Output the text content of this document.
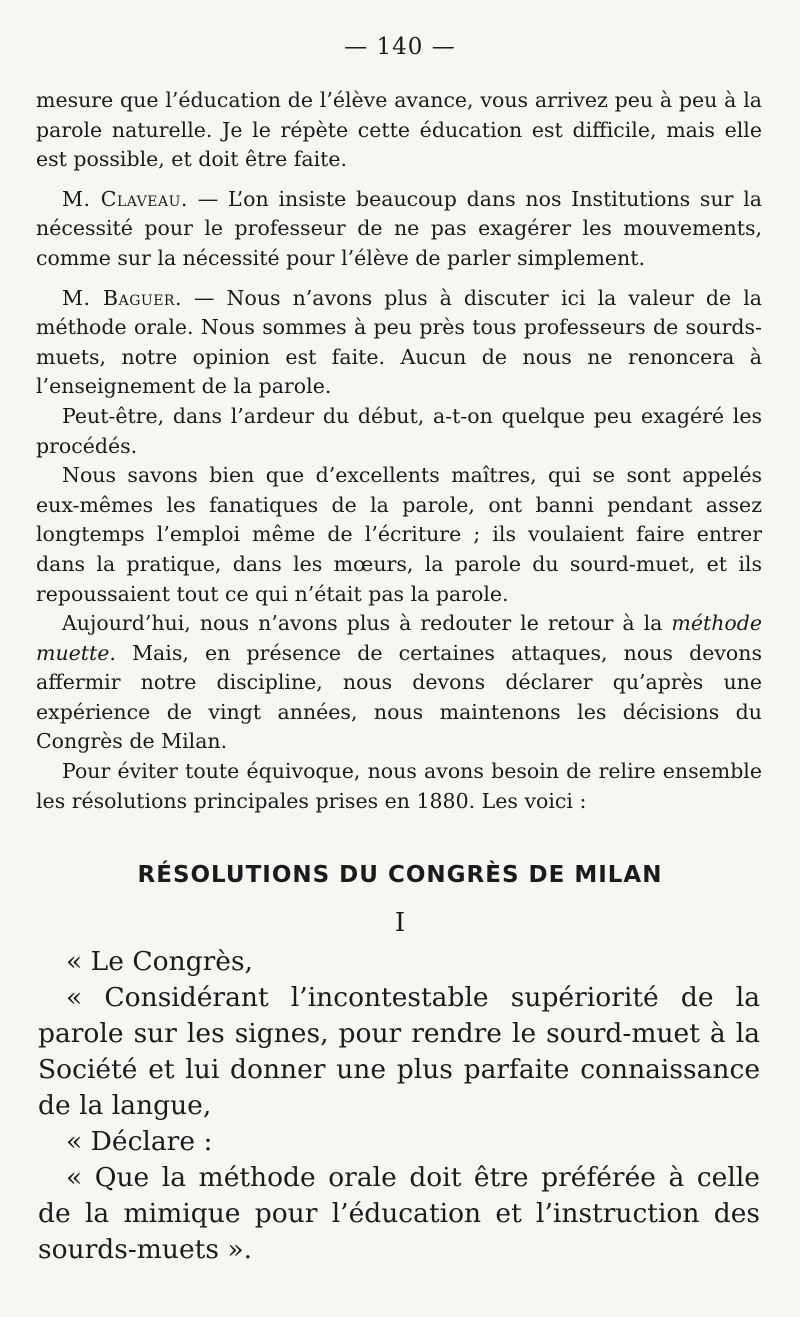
— 140 —

mesure que l’éducation de l’élève avance, vous arrivez peu à peu à la parole naturelle. Je le répète cette éducation est difficile, mais elle est possible, et doit être faite.

M. Claveau. — L’on insiste beaucoup dans nos Institutions sur la nécessité pour le professeur de ne pas exagérer les mouvements, comme sur la nécessité pour l’élève de parler simplement.

M. Baguer. — Nous n’avons plus à discuter ici la valeur de la méthode orale. Nous sommes à peu près tous professeurs de sourds-muets, notre opinion est faite. Aucun de nous ne renoncera à l’enseignement de la parole.

Peut-être, dans l’ardeur du début, a-t-on quelque peu exagéré les procédés.

Nous savons bien que d’excellents maîtres, qui se sont appelés eux-mêmes les fanatiques de la parole, ont banni pendant assez longtemps l’emploi même de l’écriture ; ils voulaient faire entrer dans la pratique, dans les mœurs, la parole du sourd-muet, et ils repoussaient tout ce qui n’était pas la parole.

Aujourd’hui, nous n’avons plus à redouter le retour à la méthode muette. Mais, en présence de certaines attaques, nous devons affermir notre discipline, nous devons déclarer qu’après une expérience de vingt années, nous maintenons les décisions du Congrès de Milan.

Pour éviter toute équivoque, nous avons besoin de relire ensemble les résolutions principales prises en 1880. Les voici :

RÉSOLUTIONS DU CONGRÈS DE MILAN
I

« Le Congrès,

« Considérant l’incontestable supériorité de la parole sur les signes, pour rendre le sourd-muet à la Société et lui donner une plus parfaite connaissance de la langue,

« Déclare :

« Que la méthode orale doit être préférée à celle de la mimique pour l’éducation et l’instruction des sourds-muets ».
